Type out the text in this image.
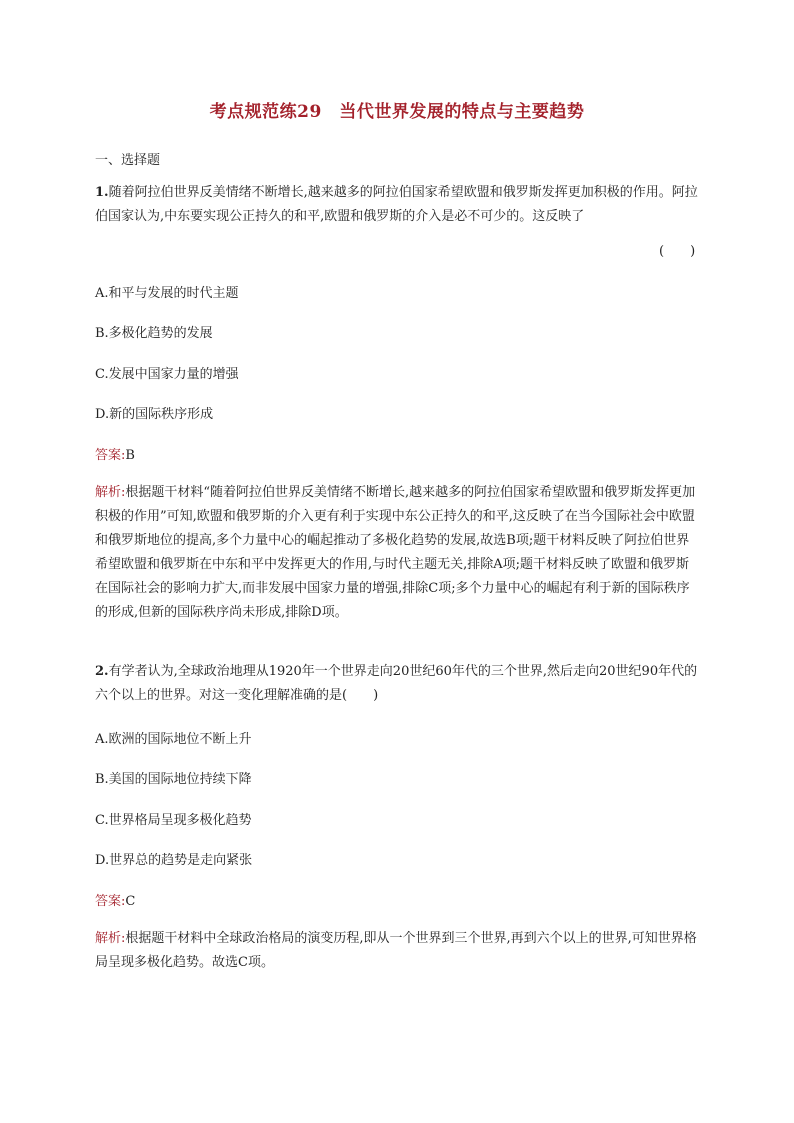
考点规范练29　当代世界发展的特点与主要趋势
一、选择题
1.随着阿拉伯世界反美情绪不断增长,越来越多的阿拉伯国家希望欧盟和俄罗斯发挥更加积极的作用。阿拉伯国家认为,中东要实现公正持久的和平,欧盟和俄罗斯的介入是必不可少的。这反映了
(　　)
A.和平与发展的时代主题
B.多极化趋势的发展
C.发展中国家力量的增强
D.新的国际秩序形成
答案:B
解析:根据题干材料“随着阿拉伯世界反美情绪不断增长,越来越多的阿拉伯国家希望欧盟和俄罗斯发挥更加积极的作用”可知,欧盟和俄罗斯的介入更有利于实现中东公正持久的和平,这反映了在当今国际社会中欧盟和俄罗斯地位的提高,多个力量中心的崛起推动了多极化趋势的发展,故选B项;题干材料反映了阿拉伯世界希望欧盟和俄罗斯在中东和平中发挥更大的作用,与时代主题无关,排除A项;题干材料反映了欧盟和俄罗斯在国际社会的影响力扩大,而非发展中国家力量的增强,排除C项;多个力量中心的崛起有利于新的国际秩序的形成,但新的国际秩序尚未形成,排除D项。
2.有学者认为,全球政治地理从1920年一个世界走向20世纪60年代的三个世界,然后走向20世纪90年代的六个以上的世界。对这一变化理解准确的是(　　)
A.欧洲的国际地位不断上升
B.美国的国际地位持续下降
C.世界格局呈现多极化趋势
D.世界总的趋势是走向紧张
答案:C
解析:根据题干材料中全球政治格局的演变历程,即从一个世界到三个世界,再到六个以上的世界,可知世界格局呈现多极化趋势。故选C项。
